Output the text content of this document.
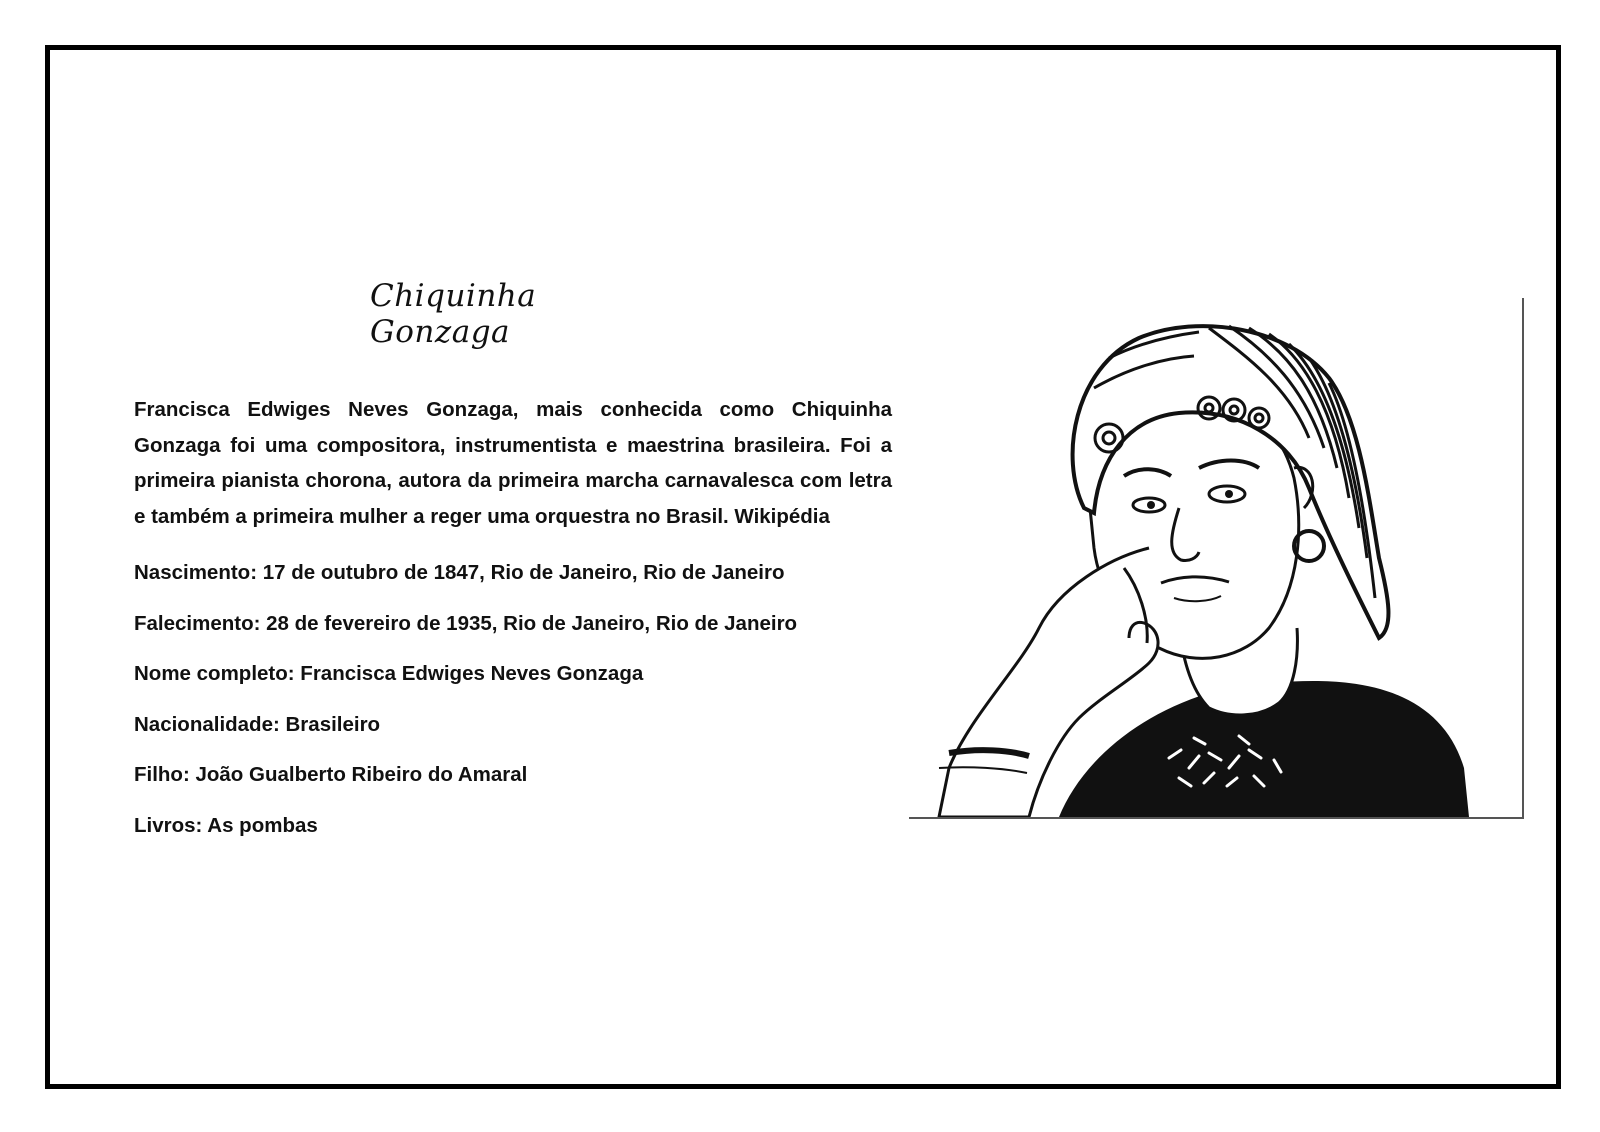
Chiquinha Gonzaga

Francisca Edwiges Neves Gonzaga, mais conhecida como Chiquinha Gonzaga foi uma compositora, instrumentista e maestrina brasileira. Foi a primeira pianista chorona, autora da primeira marcha carnavalesca com letra e também a primeira mulher a reger uma orquestra no Brasil. Wikipédia

Nascimento: 17 de outubro de 1847, Rio de Janeiro, Rio de Janeiro

Falecimento: 28 de fevereiro de 1935, Rio de Janeiro, Rio de Janeiro

Nome completo: Francisca Edwiges Neves Gonzaga

Nacionalidade: Brasileiro

Filho: João Gualberto Ribeiro do Amaral

Livros: As pombas
